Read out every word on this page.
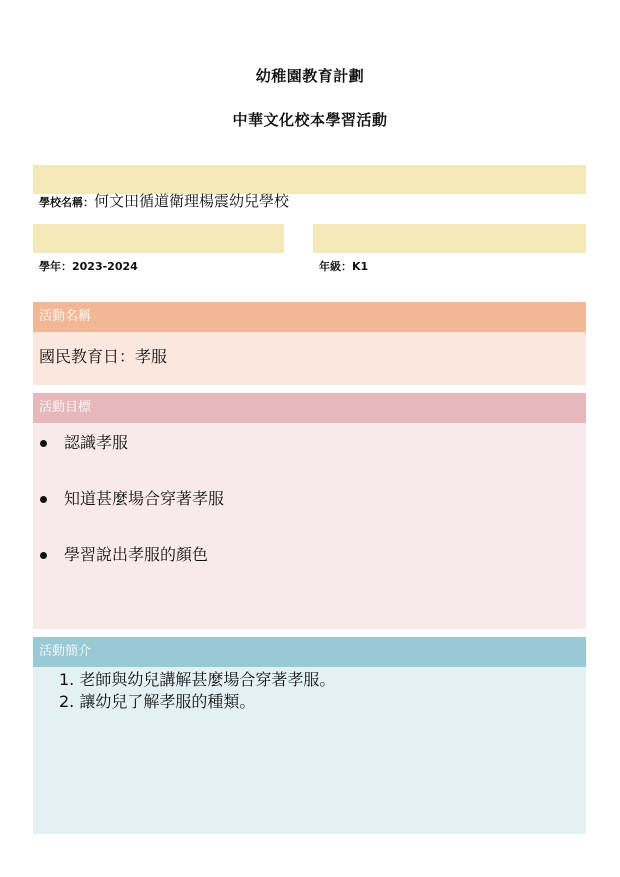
幼稚園教育計劃
中華文化校本學習活動
學校名稱：何文田循道衛理楊震幼兒學校
學年：2023-2024	年級：K1
活動名稱
國民教育日：孝服
活動目標
認識孝服
知道甚麼場合穿著孝服
學習說出孝服的顏色
活動簡介
1. 老師與幼兒講解甚麼場合穿著孝服。
2. 讓幼兒了解孝服的種類。
